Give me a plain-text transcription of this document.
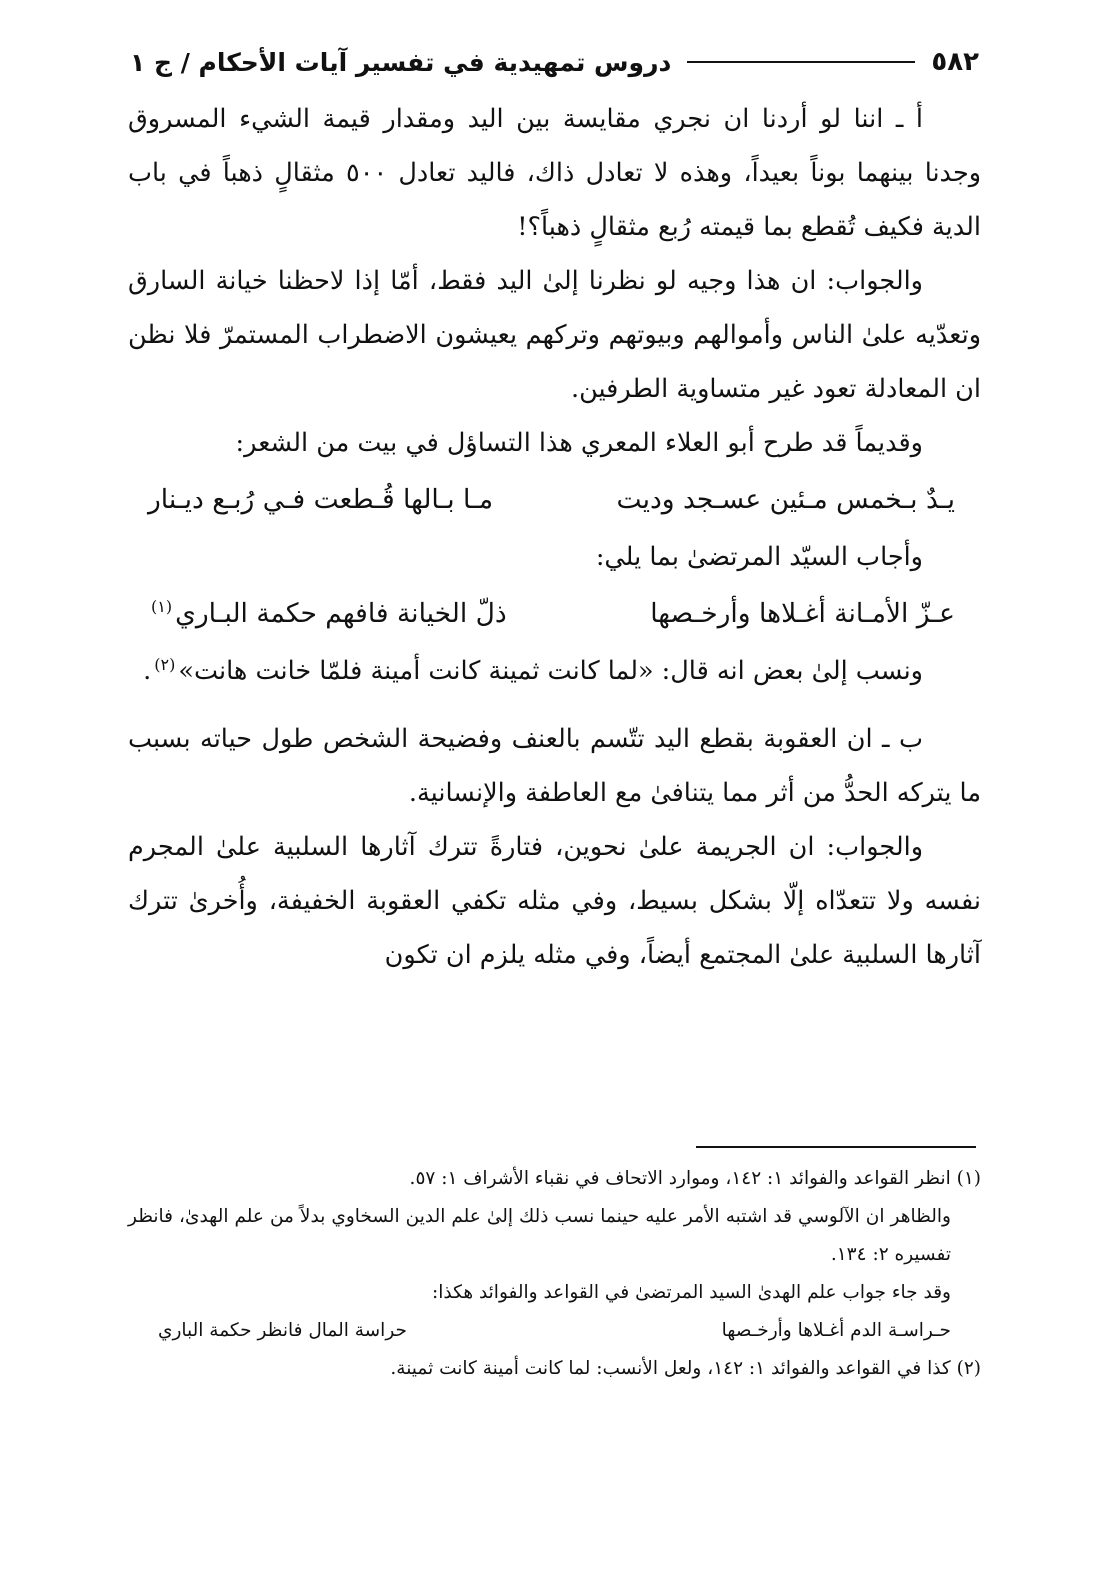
٥٨٢
دروس تمهيدية في تفسير آيات الأحكام / ج ١

أ ـ اننا لو أردنا ان نجري مقايسة بين اليد ومقدار قيمة الشيء المسروق وجدنا بينهما بوناً بعيداً، وهذه لا تعادل ذاك، فاليد تعادل ٥٠٠ مثقالٍ ذهباً في باب الدية فكيف تُقطع بما قيمته رُبع مثقالٍ ذهباً؟!

والجواب: ان هذا وجيه لو نظرنا إلىٰ اليد فقط، أمّا إذا لاحظنا خيانة السارق وتعدّيه علىٰ الناس وأموالهم وبيوتهم وتركهم يعيشون الاضطراب المستمرّ فلا نظن ان المعادلة تعود غير متساوية الطرفين.

وقديماً قد طرح أبو العلاء المعري هذا التساؤل في بيت من الشعر:

يـدٌ بـخمس مـئين عسـجد وديت
مـا بـالها قُـطعت فـي رُبـع ديـنار

وأجاب السيّد المرتضىٰ بما يلي:

عـزّ الأمـانة أغـلاها وأرخـصها
ذلّ الخيانة فافهم حكمة البـاري$^{(١)}$

ونسب إلىٰ بعض انه قال: «لما كانت ثمينة كانت أمينة فلمّا خانت هانت»$^{(٢)}$.

ب ـ ان العقوبة بقطع اليد تتّسم بالعنف وفضيحة الشخص طول حياته بسبب ما يتركه الحدُّ من أثر مما يتنافىٰ مع العاطفة والإنسانية.

والجواب: ان الجريمة علىٰ نحوين، فتارةً تترك آثارها السلبية علىٰ المجرم نفسه ولا تتعدّاه إلّا بشكل بسيط، وفي مثله تكفي العقوبة الخفيفة، وأُخرىٰ تترك آثارها السلبية علىٰ المجتمع أيضاً، وفي مثله يلزم ان تكون

(١) انظر القواعد والفوائد ١: ١٤٢، وموارد الاتحاف في نقباء الأشراف ١: ٥٧.

والظاهر ان الآلوسي قد اشتبه الأمر عليه حينما نسب ذلك إلىٰ علم الدين السخاوي بدلاً من علم الهدىٰ، فانظر تفسيره ٢: ١٣٤.

وقد جاء جواب علم الهدىٰ السيد المرتضىٰ في القواعد والفوائد هكذا:

حـراسـة الدم أغـلاها وأرخـصها
حراسة المال فانظر حكمة الباري

(٢) كذا في القواعد والفوائد ١: ١٤٢، ولعل الأنسب: لما كانت أمينة كانت ثمينة.
